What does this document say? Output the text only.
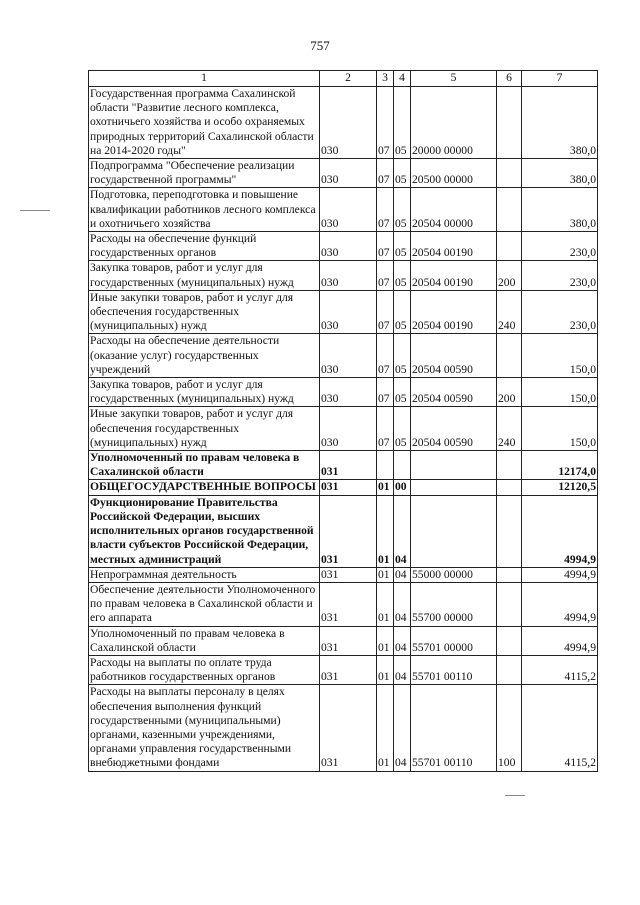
757
1	2	3	4	5	6	7
Государственная программа Сахалинской области "Развитие лесного комплекса, охотничьего хозяйства и особо охраняемых природных территорий Сахалинской области на 2014-2020 годы"	030	07	05	20000 00000		380,0
Подпрограмма "Обеспечение реализации государственной программы"	030	07	05	20500 00000		380,0
Подготовка, переподготовка и повышение квалификации работников лесного комплекса и охотничьего хозяйства	030	07	05	20504 00000		380,0
Расходы на обеспечение функций государственных органов	030	07	05	20504 00190		230,0
Закупка товаров, работ и услуг для государственных (муниципальных) нужд	030	07	05	20504 00190	200	230,0
Иные закупки товаров, работ и услуг для обеспечения государственных (муниципальных) нужд	030	07	05	20504 00190	240	230,0
Расходы на обеспечение деятельности (оказание услуг) государственных учреждений	030	07	05	20504 00590		150,0
Закупка товаров, работ и услуг для государственных (муниципальных) нужд	030	07	05	20504 00590	200	150,0
Иные закупки товаров, работ и услуг для обеспечения государственных (муниципальных) нужд	030	07	05	20504 00590	240	150,0
Уполномоченный по правам человека в Сахалинской области	031					12174,0
ОБЩЕГОСУДАРСТВЕННЫЕ ВОПРОСЫ	031	01	00			12120,5
Функционирование Правительства Российской Федерации, высших исполнительных органов государственной власти субъектов Российской Федерации, местных администраций	031	01	04			4994,9
Непрограммная деятельность	031	01	04	55000 00000		4994,9
Обеспечение деятельности Уполномоченного по правам человека в Сахалинской области и его аппарата	031	01	04	55700 00000		4994,9
Уполномоченный по правам человека в Сахалинской области	031	01	04	55701 00000		4994,9
Расходы на выплаты по оплате труда работников государственных органов	031	01	04	55701 00110		4115,2
Расходы на выплаты персоналу в целях обеспечения выполнения функций государственными (муниципальными) органами, казенными учреждениями, органами управления государственными внебюджетными фондами	031	01	04	55701 00110	100	4115,2
